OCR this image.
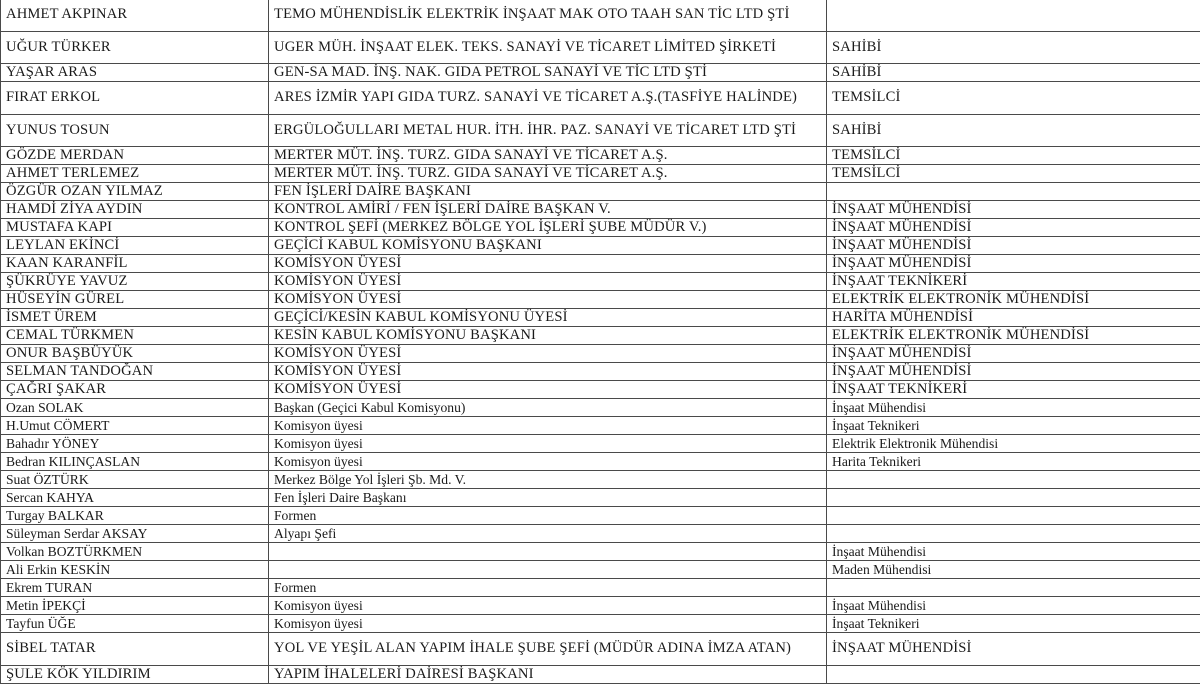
AHMET AKPINAR	TEMO MÜHENDİSLİK ELEKTRİK İNŞAAT MAK OTO TAAH SAN TİC LTD ŞTİ	
UĞUR TÜRKER	UGER MÜH. İNŞAAT ELEK. TEKS. SANAYİ VE TİCARET LİMİTED ŞİRKETİ	SAHİBİ
YAŞAR ARAS	GEN-SA MAD. İNŞ. NAK. GIDA PETROL SANAYİ VE TİC LTD ŞTİ	SAHİBİ
FIRAT ERKOL	ARES İZMİR YAPI GIDA TURZ. SANAYİ VE TİCARET A.Ş.(TASFİYE HALİNDE)	TEMSİLCİ
YUNUS TOSUN	ERGÜLOĞULLARI METAL HUR. İTH. İHR. PAZ. SANAYİ VE TİCARET LTD ŞTİ	SAHİBİ
GÖZDE MERDAN	MERTER MÜT. İNŞ. TURZ. GIDA SANAYİ VE TİCARET A.Ş.	TEMSİLCİ
AHMET TERLEMEZ	MERTER MÜT. İNŞ. TURZ. GIDA SANAYİ VE TİCARET A.Ş.	TEMSİLCİ
ÖZGÜR OZAN YILMAZ	FEN İŞLERİ DAİRE BAŞKANI	
HAMDİ ZİYA AYDIN	KONTROL AMİRİ / FEN İŞLERİ DAİRE BAŞKAN V.	İNŞAAT MÜHENDİSİ
MUSTAFA KAPI	KONTROL ŞEFİ (MERKEZ BÖLGE YOL İŞLERİ ŞUBE MÜDÜR V.)	İNŞAAT MÜHENDİSİ
LEYLAN EKİNCİ	GEÇİCİ KABUL KOMİSYONU BAŞKANI	İNŞAAT MÜHENDİSİ
KAAN KARANFİL	KOMİSYON ÜYESİ	İNŞAAT MÜHENDİSİ
ŞÜKRÜYE YAVUZ	KOMİSYON ÜYESİ	İNŞAAT TEKNİKERİ
HÜSEYİN GÜREL	KOMİSYON ÜYESİ	ELEKTRİK ELEKTRONİK MÜHENDİSİ
İSMET ÜREM	GEÇİCİ/KESİN KABUL KOMİSYONU ÜYESİ	HARİTA MÜHENDİSİ
CEMAL TÜRKMEN	KESİN KABUL KOMİSYONU BAŞKANI	ELEKTRİK ELEKTRONİK MÜHENDİSİ
ONUR BAŞBÜYÜK	KOMİSYON ÜYESİ	İNŞAAT MÜHENDİSİ
SELMAN TANDOĞAN	KOMİSYON ÜYESİ	İNŞAAT MÜHENDİSİ
ÇAĞRI ŞAKAR	KOMİSYON ÜYESİ	İNŞAAT TEKNİKERİ
Ozan SOLAK	Başkan (Geçici Kabul Komisyonu)	İnşaat Mühendisi
H.Umut CÖMERT	Komisyon üyesi	İnşaat Teknikeri
Bahadır YÖNEY	Komisyon üyesi	Elektrik Elektronik Mühendisi
Bedran KILINÇASLAN	Komisyon üyesi	Harita Teknikeri
Suat ÖZTÜRK	Merkez Bölge Yol İşleri Şb. Md. V.	
Sercan KAHYA	Fen İşleri Daire Başkanı	
Turgay BALKAR	Formen	
Süleyman Serdar AKSAY	Alyapı Şefi	
Volkan BOZTÜRKMEN		İnşaat Mühendisi
Ali Erkin KESKİN		Maden Mühendisi
Ekrem TURAN	Formen	
Metin İPEKÇİ	Komisyon üyesi	İnşaat Mühendisi
Tayfun ÜĞE	Komisyon üyesi	İnşaat Teknikeri
SİBEL TATAR	YOL VE YEŞİL ALAN YAPIM İHALE ŞUBE ŞEFİ (MÜDÜR ADINA İMZA ATAN)	İNŞAAT MÜHENDİSİ
ŞULE KÖK YILDIRIM	YAPIM İHALELERİ DAİRESİ BAŞKANI	
